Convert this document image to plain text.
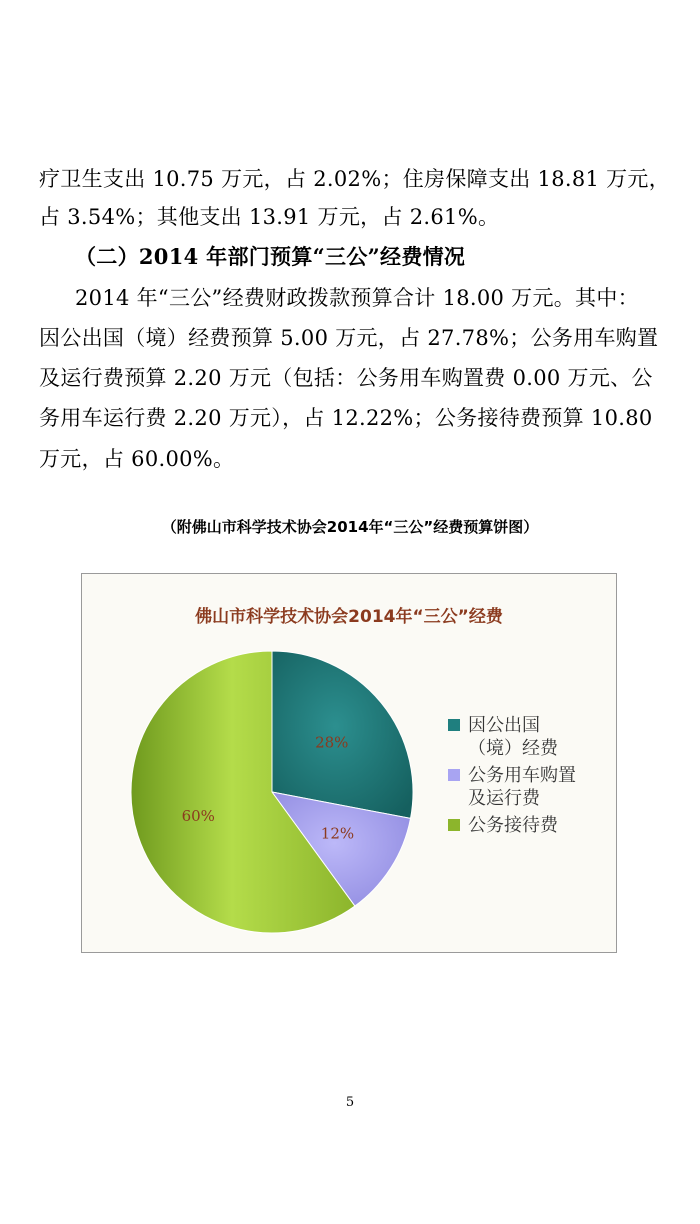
疗卫生支出 10.75 万元，占 2.02%；住房保障支出 18.81 万元，
占 3.54%；其他支出 13.91 万元，占 2.61%。
（二）2014 年部门预算“三公”经费情况
2014 年“三公”经费财政拨款预算合计 18.00 万元。其中：
因公出国（境）经费预算 5.00 万元，占 27.78%；公务用车购置
及运行费预算 2.20 万元（包括：公务用车购置费 0.00 万元、公
务用车运行费 2.20 万元），占 12.22%；公务接待费预算 10.80
万元，占 60.00%。
（附佛山市科学技术协会2014年“三公”经费预算饼图）
佛山市科学技术协会2014年“三公”经费
28%
12%
60%
因公出国
（境）经费
公务用车购置
及运行费
公务接待费
5
